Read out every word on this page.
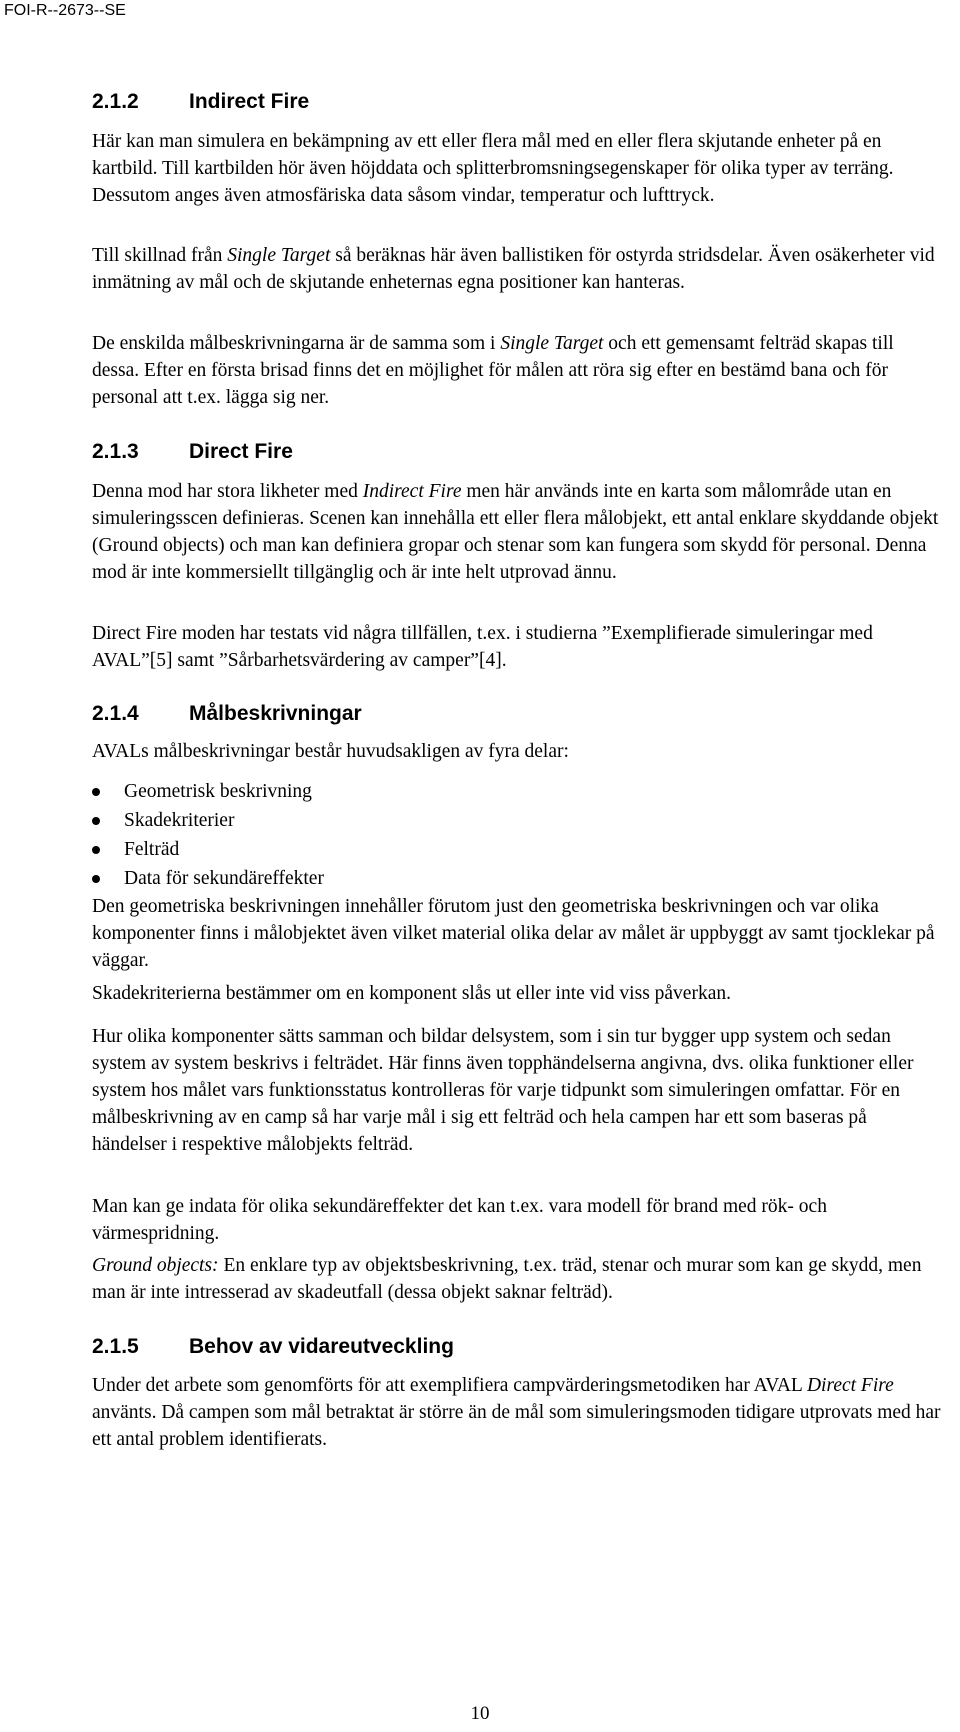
FOI-R--2673--SE
2.1.2 Indirect Fire

Här kan man simulera en bekämpning av ett eller flera mål med en eller flera skjutande enheter på en kartbild. Till kartbilden hör även höjddata och splitterbromsningsegenskaper för olika typer av terräng. Dessutom anges även atmosfäriska data såsom vindar, temperatur och lufttryck.

Till skillnad från Single Target så beräknas här även ballistiken för ostyrda stridsdelar. Även osäkerheter vid inmätning av mål och de skjutande enheternas egna positioner kan hanteras.

De enskilda målbeskrivningarna är de samma som i Single Target och ett gemensamt felträd skapas till dessa. Efter en första brisad finns det en möjlighet för målen att röra sig efter en bestämd bana och för personal att t.ex. lägga sig ner.

2.1.3 Direct Fire

Denna mod har stora likheter med Indirect Fire men här används inte en karta som målområde utan en simuleringsscen definieras. Scenen kan innehålla ett eller flera målobjekt, ett antal enklare skyddande objekt (Ground objects) och man kan definiera gropar och stenar som kan fungera som skydd för personal. Denna mod är inte kommersiellt tillgänglig och är inte helt utprovad ännu.

Direct Fire moden har testats vid några tillfällen, t.ex. i studierna ”Exemplifierade simuleringar med AVAL”[5] samt ”Sårbarhetsvärdering av camper”[4].

2.1.4 Målbeskrivningar

AVALs målbeskrivningar består huvudsakligen av fyra delar:

Geometrisk beskrivning
Skadekriterier
Felträd
Data för sekundäreffekter

Den geometriska beskrivningen innehåller förutom just den geometriska beskrivningen och var olika komponenter finns i målobjektet även vilket material olika delar av målet är uppbyggt av samt tjocklekar på väggar.

Skadekriterierna bestämmer om en komponent slås ut eller inte vid viss påverkan.

Hur olika komponenter sätts samman och bildar delsystem, som i sin tur bygger upp system och sedan system av system beskrivs i felträdet. Här finns även topphändelserna angivna, dvs. olika funktioner eller system hos målet vars funktionsstatus kontrolleras för varje tidpunkt som simuleringen omfattar. För en målbeskrivning av en camp så har varje mål i sig ett felträd och hela campen har ett som baseras på händelser i respektive målobjekts felträd.

Man kan ge indata för olika sekundäreffekter det kan t.ex. vara modell för brand med rök- och värmespridning.

Ground objects: En enklare typ av objektsbeskrivning, t.ex. träd, stenar och murar som kan ge skydd, men man är inte intresserad av skadeutfall (dessa objekt saknar felträd).

2.1.5 Behov av vidareutveckling

Under det arbete som genomförts för att exemplifiera campvärderingsmetodiken har AVAL Direct Fire använts. Då campen som mål betraktat är större än de mål som simuleringsmoden tidigare utprovats med har ett antal problem identifierats.

10
